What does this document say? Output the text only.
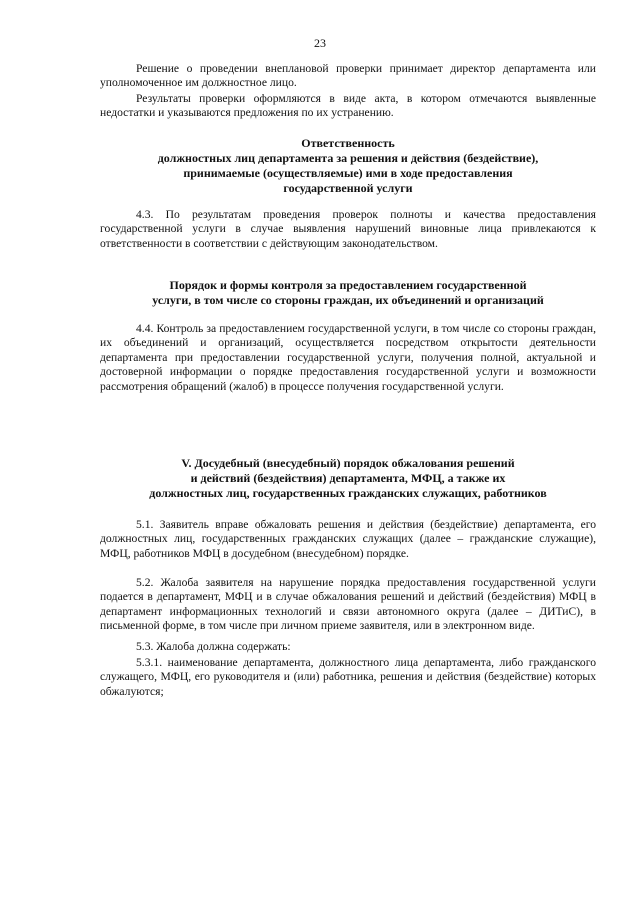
23

Решение о проведении внеплановой проверки принимает директор департамента или уполномоченное им должностное лицо.

Результаты проверки оформляются в виде акта, в котором отмечаются выявленные недостатки и указываются предложения по их устранению.

Ответственность
должностных лиц департамента за решения и действия (бездействие),
принимаемые (осуществляемые) ими в ходе предоставления
государственной услуги

4.3. По результатам проведения проверок полноты и качества предоставления государственной услуги в случае выявления нарушений виновные лица привлекаются к ответственности в соответствии с действующим законодательством.

Порядок и формы контроля за предоставлением государственной
услуги, в том числе со стороны граждан, их объединений и организаций

4.4. Контроль за предоставлением государственной услуги, в том числе со стороны граждан, их объединений и организаций, осуществляется посредством открытости деятельности департамента при предоставлении государственной услуги, получения полной, актуальной и достоверной информации о порядке предоставления государственной услуги и возможности рассмотрения обращений (жалоб) в процессе получения государственной услуги.

V. Досудебный (внесудебный) порядок обжалования решений
и действий (бездействия) департамента, МФЦ, а также их
должностных лиц, государственных гражданских служащих, работников

5.1. Заявитель вправе обжаловать решения и действия (бездействие) департамента, его должностных лиц, государственных гражданских служащих (далее – гражданские служащие), МФЦ, работников МФЦ в досудебном (внесудебном) порядке.

5.2. Жалоба заявителя на нарушение порядка предоставления государственной услуги подается в департамент, МФЦ и в случае обжалования решений и действий (бездействия) МФЦ в департамент информационных технологий и связи автономного округа (далее – ДИТиС), в письменной форме, в том числе при личном приеме заявителя, или в электронном виде.

5.3. Жалоба должна содержать:

5.3.1. наименование департамента, должностного лица департамента, либо гражданского служащего, МФЦ, его руководителя и (или) работника, решения и действия (бездействие) которых обжалуются;
